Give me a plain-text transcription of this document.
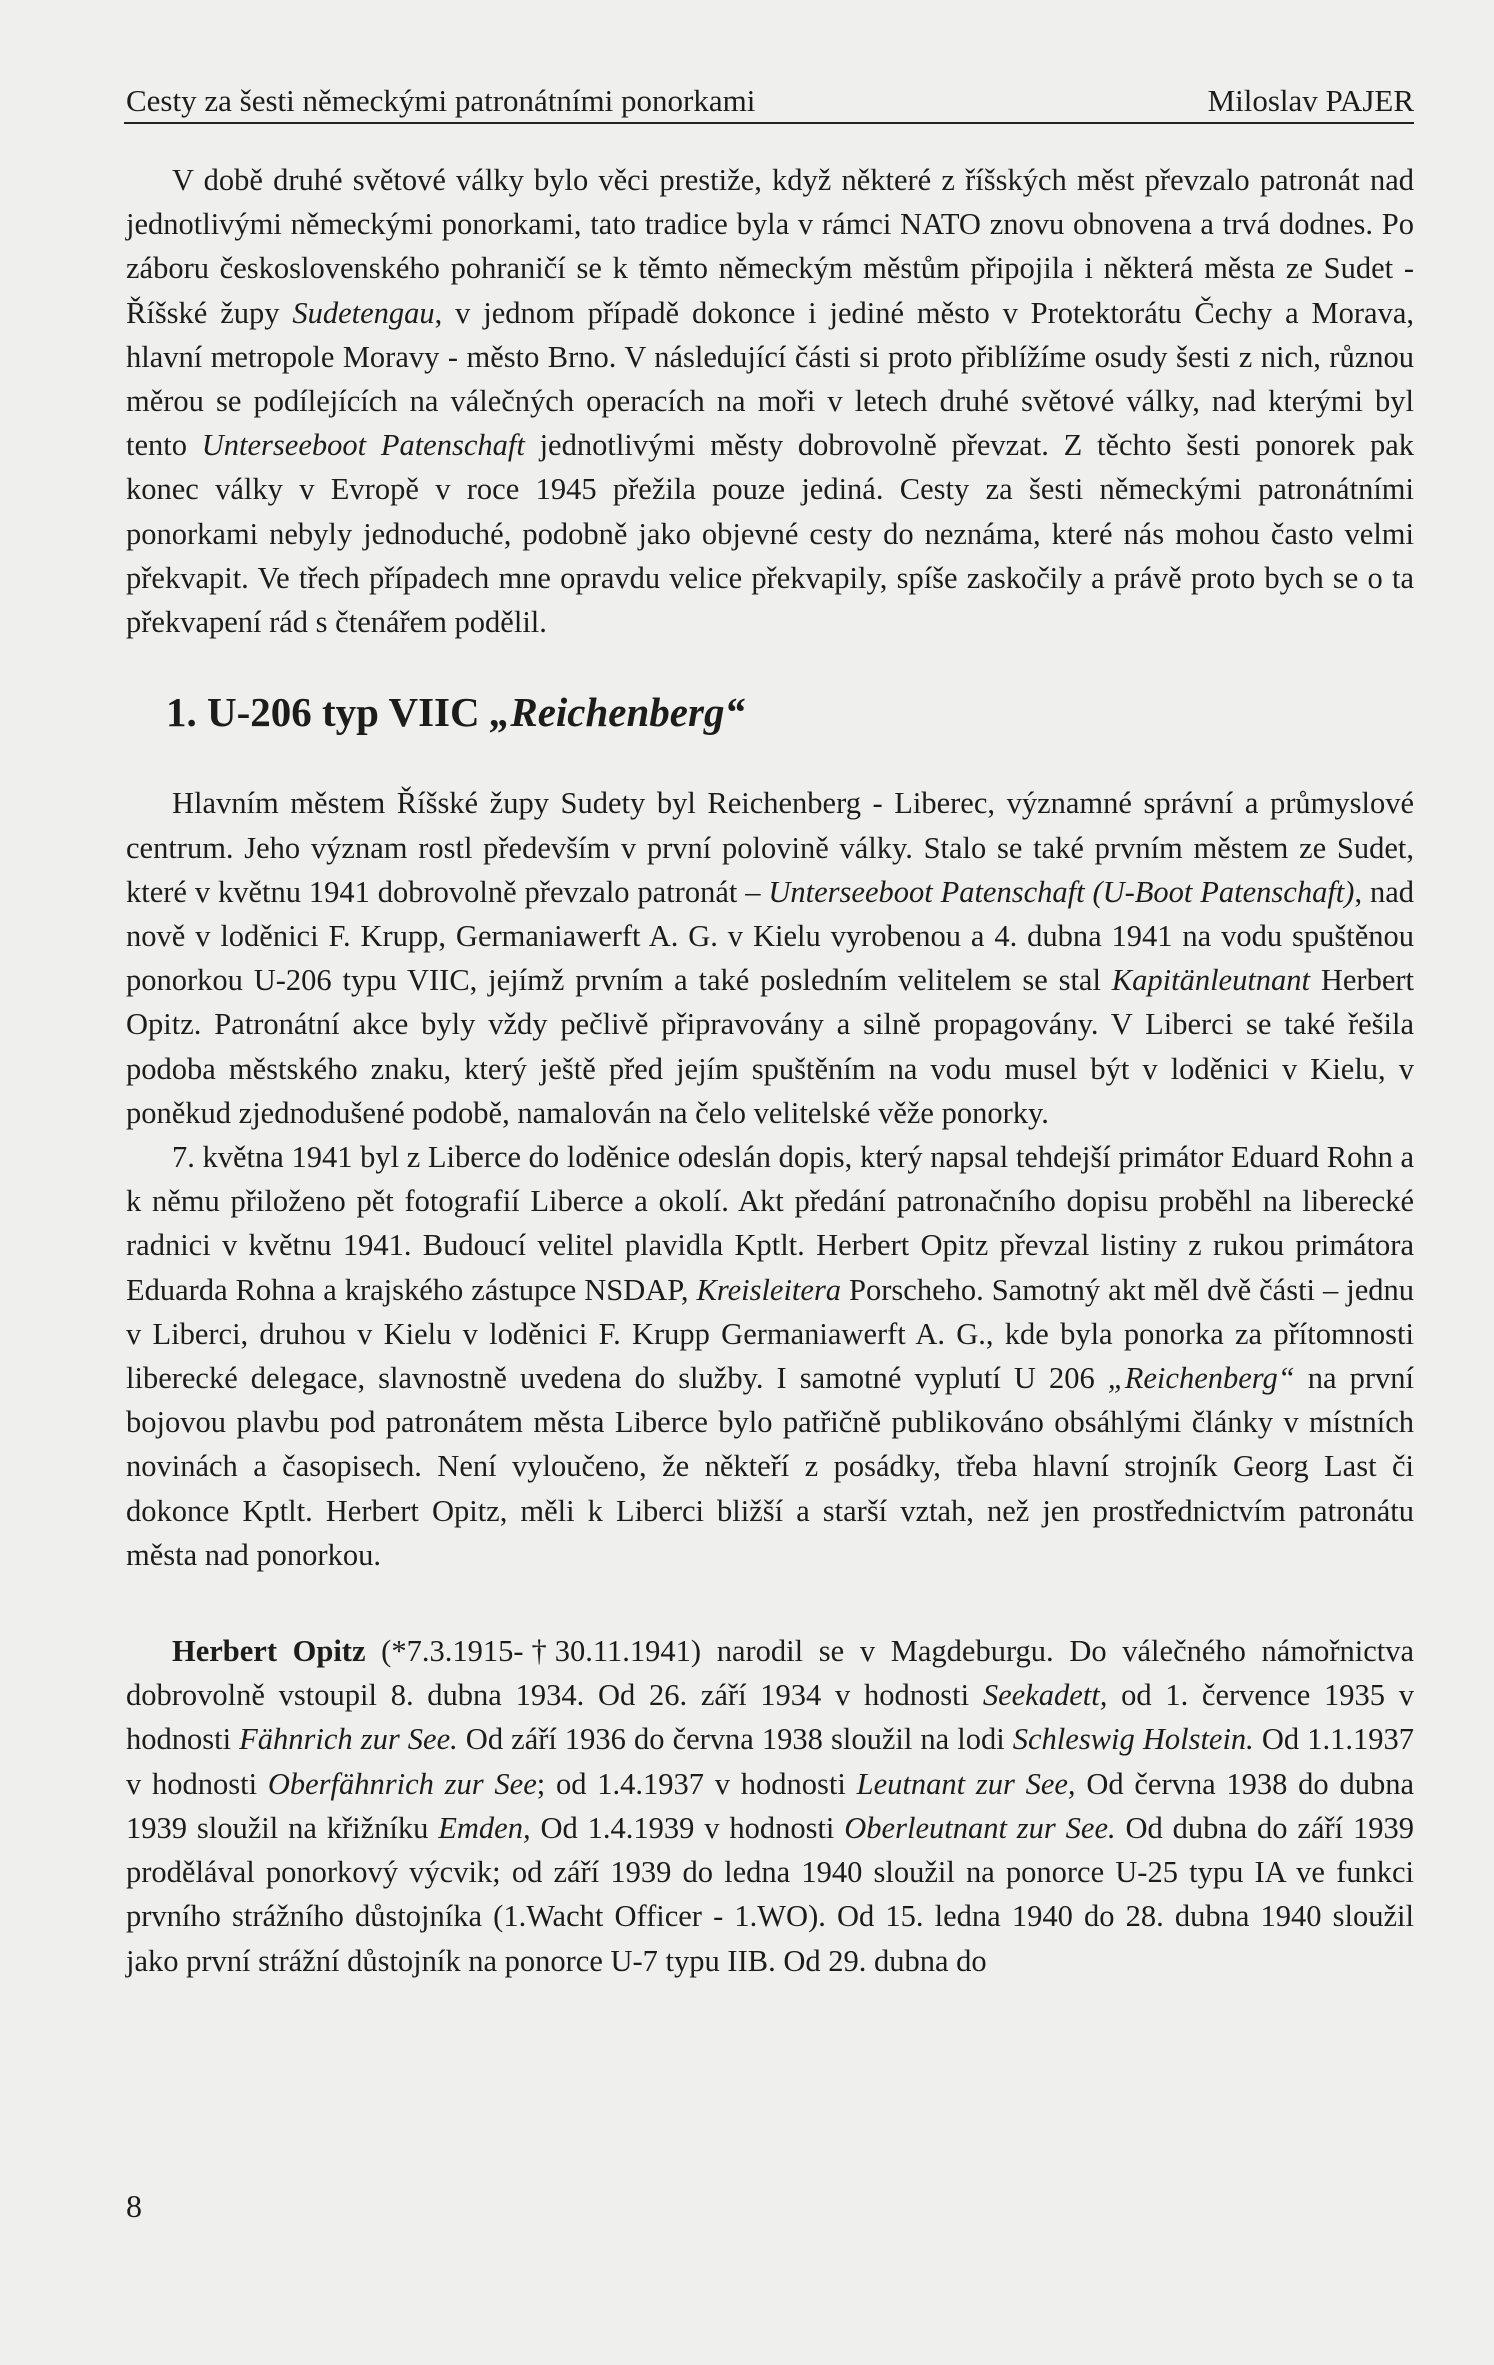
Cesty za šesti německými patronátními ponorkami	Miloslav PAJER

V době druhé světové války bylo věci prestiže, když některé z říšských měst převzalo patronát nad jednotlivými německými ponorkami, tato tradice byla v rámci NATO znovu obnovena a trvá dodnes. Po záboru československého pohraničí se k těmto německým městům připojila i některá města ze Sudet - Říšské župy Sudetengau, v jednom případě dokonce i jediné město v Protektorátu Čechy a Morava, hlavní metropole Moravy - město Brno. V následující části si proto přiblížíme osudy šesti z nich, různou měrou se podílejících na válečných operacích na moři v letech druhé světové války, nad kterými byl tento Unterseeboot Patenschaft jednotlivými městy dobrovolně převzat. Z těchto šesti ponorek pak konec války v Evropě v roce 1945 přežila pouze jediná. Cesty za šesti německými patronátními ponorkami nebyly jednoduché, podobně jako objevné cesty do neznáma, které nás mohou často velmi překvapit. Ve třech případech mne opravdu velice překvapily, spíše zaskočily a právě proto bych se o ta překvapení rád s čtenářem podělil.

1. U-206 typ VIIC „Reichenberg“

Hlavním městem Říšské župy Sudety byl Reichenberg - Liberec, významné správní a průmyslové centrum. Jeho význam rostl především v první polovině války. Stalo se také prvním městem ze Sudet, které v květnu 1941 dobrovolně převzalo patronát – Unterseeboot Patenschaft (U-Boot Patenschaft), nad nově v loděnici F. Krupp, Germaniawerft A. G. v Kielu vyrobenou a 4. dubna 1941 na vodu spuštěnou ponorkou U-206 typu VIIC, jejímž prvním a také posledním velitelem se stal Kapitänleutnant Herbert Opitz. Patronátní akce byly vždy pečlivě připravovány a silně propagovány. V Liberci se také řešila podoba městského znaku, který ještě před jejím spuštěním na vodu musel být v loděnici v Kielu, v poněkud zjednodušené podobě, namalován na čelo velitelské věže ponorky.

7. května 1941 byl z Liberce do loděnice odeslán dopis, který napsal tehdejší primátor Eduard Rohn a k němu přiloženo pět fotografií Liberce a okolí. Akt předání patronačního dopisu proběhl na liberecké radnici v květnu 1941. Budoucí velitel plavidla Kptlt. Herbert Opitz převzal listiny z rukou primátora Eduarda Rohna a krajského zástupce NSDAP, Kreisleitera Porscheho. Samotný akt měl dvě části – jednu v Liberci, druhou v Kielu v loděnici F. Krupp Germaniawerft A. G., kde byla ponorka za přítomnosti liberecké delegace, slavnostně uvedena do služby. I samotné vyplutí U 206 „Reichenberg“ na první bojovou plavbu pod patronátem města Liberce bylo patřičně publikováno obsáhlými články v místních novinách a časopisech. Není vyloučeno, že někteří z posádky, třeba hlavní strojník Georg Last či dokonce Kptlt. Herbert Opitz, měli k Liberci bližší a starší vztah, než jen prostřednictvím patronátu města nad ponorkou.

Herbert Opitz (*7.3.1915-†30.11.1941) narodil se v Magdeburgu. Do válečného námořnictva dobrovolně vstoupil 8. dubna 1934. Od 26. září 1934 v hodnosti Seekadett, od 1. července 1935 v hodnosti Fähnrich zur See. Od září 1936 do června 1938 sloužil na lodi Schleswig Holstein. Od 1.1.1937 v hodnosti Oberfähnrich zur See; od 1.4.1937 v hodnosti Leutnant zur See, Od června 1938 do dubna 1939 sloužil na křižníku Emden, Od 1.4.1939 v hodnosti Oberleutnant zur See. Od dubna do září 1939 prodělával ponorkový výcvik; od září 1939 do ledna 1940 sloužil na ponorce U-25 typu IA ve funkci prvního strážního důstojníka (1.Wacht Officer - 1.WO). Od 15. ledna 1940 do 28. dubna 1940 sloužil jako první strážní důstojník na ponorce U-7 typu IIB. Od 29. dubna do

8
